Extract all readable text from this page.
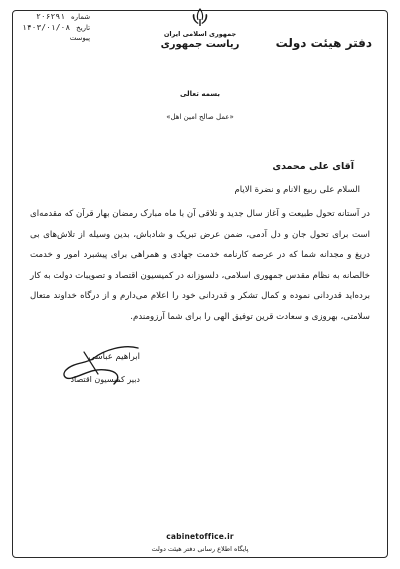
جمهوری اسلامی ایران
ریاست جمهوری	دفتر هیئت دولت
شماره
۲۰۶۲۹۱
تاریخ
۱۴۰۳/۰۱/۰۸
پیوست
بسمه تعالی
«عمل صالح امین اهل»
آقای علی محمدی
السلام علی ربیع الانام و نضرة الایام
در آستانه تحول طبیعت و آغاز سال جدید و تلاقی آن با ماه مبارک رمضان بهار قرآن که مقدمه‌ای است برای تحول جان و دل آدمی، ضمن عرض تبریک و شادباش، بدین وسیله از تلاش‌های بی دریغ و مجدانه شما که در عرصه کارنامه خدمت جهادی و همراهی برای پیشبرد امور و خدمت خالصانه به نظام مقدس جمهوری اسلامی، دلسوزانه در کمیسیون اقتصاد و تصویبات دولت به کار برده‌اید قدردانی نموده و کمال تشکر و قدردانی خود را اعلام می‌دارم و از درگاه خداوند متعال سلامتی، بهروزی و سعادت قرین توفیق الهی را برای شما آرزومندم.
ابراهیم عباسی
دبیر کمیسیون اقتصاد
cabinetoffice.ir
پایگاه اطلاع رسانی دفتر هیئت دولت
